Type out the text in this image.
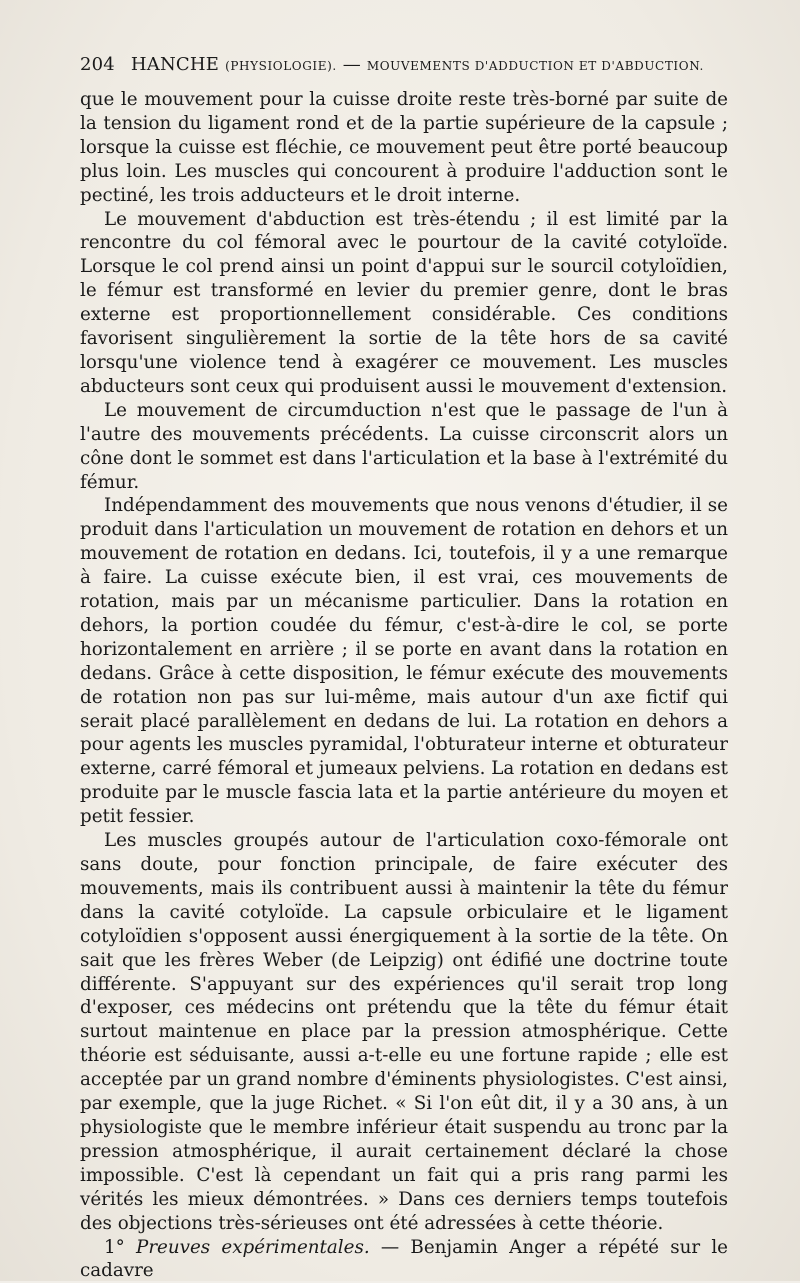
204 HANCHE (PHYSIOLOGIE). — MOUVEMENTS D'ADDUCTION ET D'ABDUCTION.

que le mouvement pour la cuisse droite reste très-borné par suite de la tension du ligament rond et de la partie supérieure de la capsule ; lorsque la cuisse est fléchie, ce mouvement peut être porté beaucoup plus loin. Les muscles qui concourent à produire l'adduction sont le pectiné, les trois adducteurs et le droit interne.

Le mouvement d'abduction est très-étendu ; il est limité par la rencontre du col fémoral avec le pourtour de la cavité cotyloïde. Lorsque le col prend ainsi un point d'appui sur le sourcil cotyloïdien, le fémur est transformé en levier du premier genre, dont le bras externe est proportionnellement considérable. Ces conditions favorisent singulièrement la sortie de la tête hors de sa cavité lorsqu'une violence tend à exagérer ce mouvement. Les muscles abducteurs sont ceux qui produisent aussi le mouvement d'extension.

Le mouvement de circumduction n'est que le passage de l'un à l'autre des mouvements précédents. La cuisse circonscrit alors un cône dont le sommet est dans l'articulation et la base à l'extrémité du fémur.

Indépendamment des mouvements que nous venons d'étudier, il se produit dans l'articulation un mouvement de rotation en dehors et un mouvement de rotation en dedans. Ici, toutefois, il y a une remarque à faire. La cuisse exécute bien, il est vrai, ces mouvements de rotation, mais par un mécanisme particulier. Dans la rotation en dehors, la portion coudée du fémur, c'est-à-dire le col, se porte horizontalement en arrière ; il se porte en avant dans la rotation en dedans. Grâce à cette disposition, le fémur exécute des mouvements de rotation non pas sur lui-même, mais autour d'un axe fictif qui serait placé parallèlement en dedans de lui. La rotation en dehors a pour agents les muscles pyramidal, l'obturateur interne et obturateur externe, carré fémoral et jumeaux pelviens. La rotation en dedans est produite par le muscle fascia lata et la partie antérieure du moyen et petit fessier.

Les muscles groupés autour de l'articulation coxo-fémorale ont sans doute, pour fonction principale, de faire exécuter des mouvements, mais ils contribuent aussi à maintenir la tête du fémur dans la cavité cotyloïde. La capsule orbiculaire et le ligament cotyloïdien s'opposent aussi énergiquement à la sortie de la tête. On sait que les frères Weber (de Leipzig) ont édifié une doctrine toute différente. S'appuyant sur des expériences qu'il serait trop long d'exposer, ces médecins ont prétendu que la tête du fémur était surtout maintenue en place par la pression atmosphérique. Cette théorie est séduisante, aussi a-t-elle eu une fortune rapide ; elle est acceptée par un grand nombre d'éminents physiologistes. C'est ainsi, par exemple, que la juge Richet. « Si l'on eût dit, il y a 30 ans, à un physiologiste que le membre inférieur était suspendu au tronc par la pression atmosphérique, il aurait certainement déclaré la chose impossible. C'est là cependant un fait qui a pris rang parmi les vérités les mieux démontrées. » Dans ces derniers temps toutefois des objections très-sérieuses ont été adressées à cette théorie.

1° Preuves expérimentales. — Benjamin Anger a répété sur le cadavre
